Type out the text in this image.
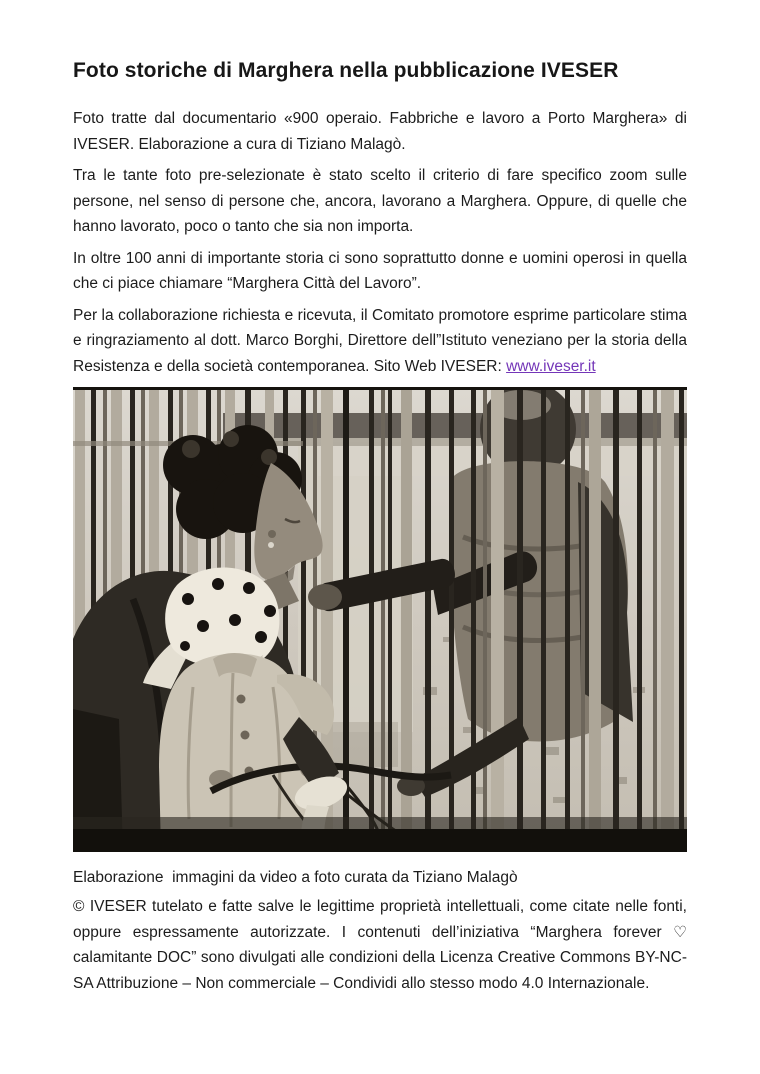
Foto storiche di Marghera nella pubblicazione IVESER

Foto tratte dal documentario «900 operaio. Fabbriche e lavoro a Porto Marghera» di IVESER. Elaborazione a cura di Tiziano Malagò.

Tra le tante foto pre-selezionate è stato scelto il criterio di fare specifico zoom sulle persone, nel senso di persone che, ancora, lavorano a Marghera. Oppure, di quelle che hanno lavorato, poco o tanto che sia non importa.

In oltre 100 anni di importante storia ci sono soprattutto donne e uomini operosi in quella che ci piace chiamare “Marghera Città del Lavoro”.

Per la collaborazione richiesta e ricevuta, il Comitato promotore esprime particolare stima e ringraziamento al dott. Marco Borghi, Direttore dell”Istituto veneziano per la storia della Resistenza e della società contemporanea. Sito Web IVESER: www.iveser.it

Elaborazione  immagini da video a foto curata da Tiziano Malagò

© IVESER tutelato e fatte salve le legittime proprietà intellettuali, come citate nelle fonti, oppure espressamente autorizzate. I contenuti dell’iniziativa “Marghera forever ♡ calamitante DOC” sono divulgati alle condizioni della Licenza Creative Commons BY-NC-SA Attribuzione – Non commerciale – Condividi allo stesso modo 4.0 Internazionale.
